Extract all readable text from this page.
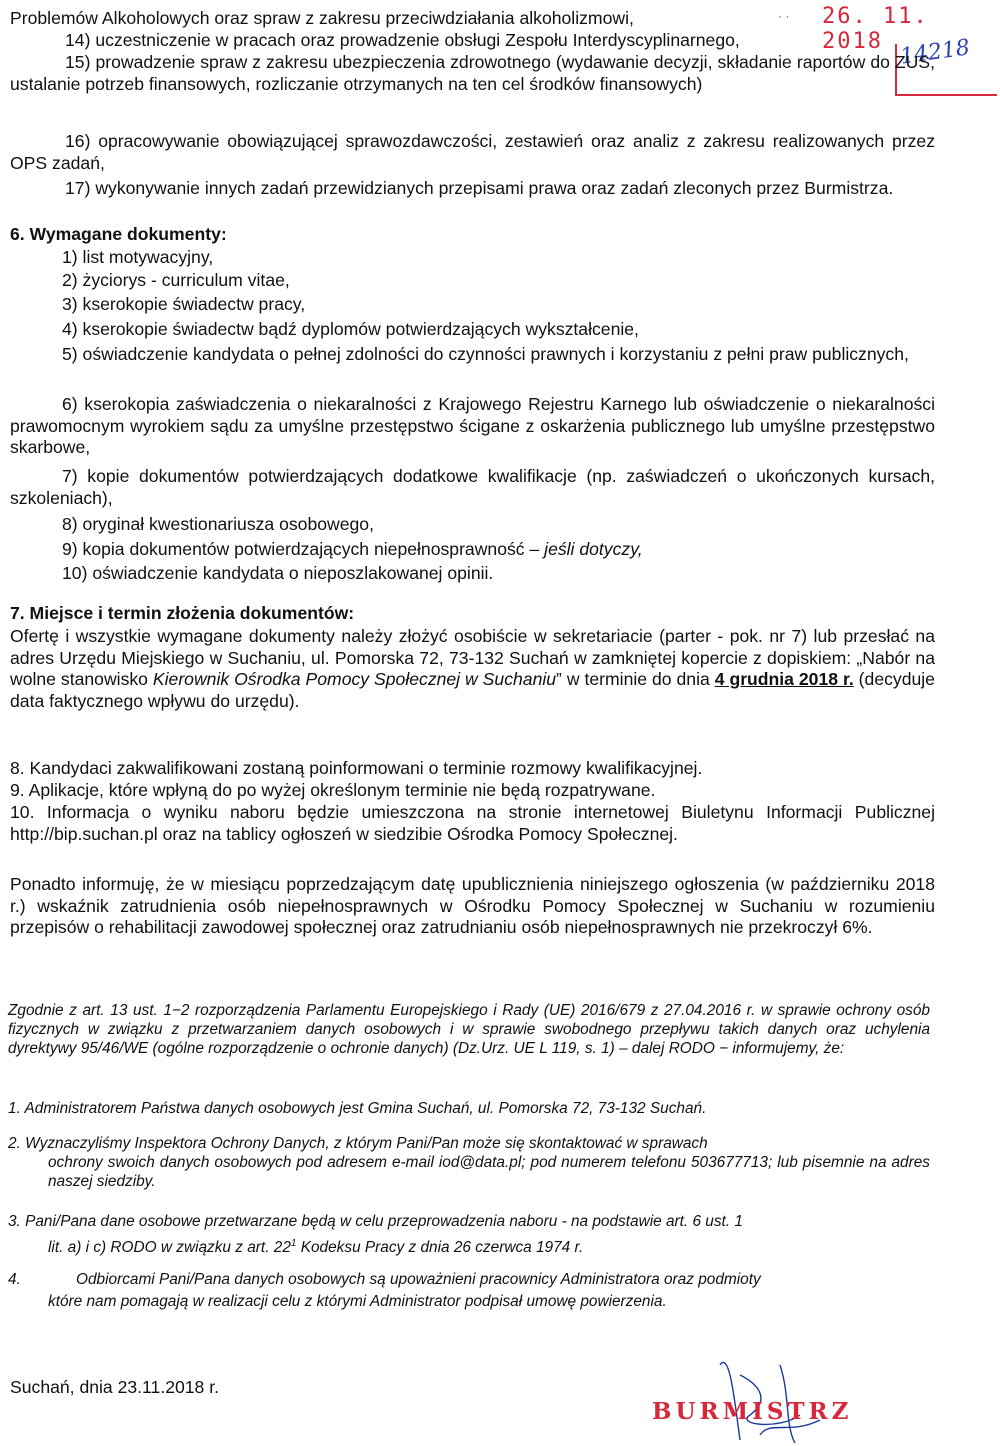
· · 26. 11. 2018 14218

Problemów Alkoholowych oraz spraw z zakresu przeciwdziałania alkoholizmowi,

14) uczestniczenie w pracach oraz prowadzenie obsługi Zespołu Interdyscyplinarnego,

15) prowadzenie spraw z zakresu ubezpieczenia zdrowotnego (wydawanie decyzji, składanie raportów do ZUS, ustalanie potrzeb finansowych, rozliczanie otrzymanych na ten cel środków finansowych)

16) opracowywanie obowiązującej sprawozdawczości, zestawień oraz analiz z zakresu realizowanych przez OPS zadań,

17) wykonywanie innych zadań przewidzianych przepisami prawa oraz zadań zleconych przez Burmistrza.

6. Wymagane dokumenty:

1) list motywacyjny,

2) życiorys - curriculum vitae,

3) kserokopie świadectw pracy,

4) kserokopie świadectw bądź dyplomów potwierdzających wykształcenie,

5) oświadczenie kandydata o pełnej zdolności do czynności prawnych i korzystaniu z pełni praw publicznych,

6) kserokopia zaświadczenia o niekaralności z Krajowego Rejestru Karnego lub oświadczenie o niekaralności prawomocnym wyrokiem sądu za umyślne przestępstwo ścigane z oskarżenia publicznego lub umyślne przestępstwo skarbowe,

7) kopie dokumentów potwierdzających dodatkowe kwalifikacje (np. zaświadczeń o ukończonych kursach, szkoleniach),

8) oryginał kwestionariusza osobowego,

9) kopia dokumentów potwierdzających niepełnosprawność – jeśli dotyczy,

10) oświadczenie kandydata o nieposzlakowanej opinii.

7. Miejsce i termin złożenia dokumentów:

Ofertę i wszystkie wymagane dokumenty należy złożyć osobiście w sekretariacie (parter - pok. nr 7) lub przesłać na adres Urzędu Miejskiego w Suchaniu, ul. Pomorska 72, 73-132 Suchań w zamkniętej kopercie z dopiskiem: „Nabór na wolne stanowisko Kierownik Ośrodka Pomocy Społecznej w Suchaniu” w terminie do dnia 4 grudnia 2018 r. (decyduje data faktycznego wpływu do urzędu).

8. Kandydaci zakwalifikowani zostaną poinformowani o terminie rozmowy kwalifikacyjnej.

9. Aplikacje, które wpłyną do po wyżej określonym terminie nie będą rozpatrywane.

10. Informacja o wyniku naboru będzie umieszczona na stronie internetowej Biuletynu Informacji Publicznej http://bip.suchan.pl oraz na tablicy ogłoszeń w siedzibie Ośrodka Pomocy Społecznej.

Ponadto informuję, że w miesiącu poprzedzającym datę upublicznienia niniejszego ogłoszenia (w październiku 2018 r.) wskaźnik zatrudnienia osób niepełnosprawnych w Ośrodku Pomocy Społecznej w Suchaniu w rozumieniu przepisów o rehabilitacji zawodowej społecznej oraz zatrudnianiu osób niepełnosprawnych nie przekroczył 6%.

Zgodnie z art. 13 ust. 1−2 rozporządzenia Parlamentu Europejskiego i Rady (UE) 2016/679 z 27.04.2016 r. w sprawie ochrony osób fizycznych w związku z przetwarzaniem danych osobowych i w sprawie swobodnego przepływu takich danych oraz uchylenia dyrektywy 95/46/WE (ogólne rozporządzenie o ochronie danych) (Dz.Urz. UE L 119, s. 1) – dalej RODO − informujemy, że:

1. Administratorem Państwa danych osobowych jest Gmina Suchań, ul. Pomorska 72, 73-132 Suchań.

2. Wyznaczyliśmy Inspektora Ochrony Danych, z którym Pani/Pan może się skontaktować w sprawach

ochrony swoich danych osobowych pod adresem e-mail iod@data.pl; pod numerem telefonu 503677713; lub pisemnie na adres naszej siedziby.

3. Pani/Pana dane osobowe przetwarzane będą w celu przeprowadzenia naboru - na podstawie art. 6 ust. 1

lit. a) i c) RODO w związku z art. $22^1$ Kodeksu Pracy z dnia 26 czerwca 1974 r.

4.	Odbiorcami Pani/Pana danych osobowych są upoważnieni pracownicy Administratora oraz podmioty

które nam pomagają w realizacji celu z którymi Administrator podpisał umowę powierzenia.

Suchań, dnia 23.11.2018 r.

BURMISTRZ
